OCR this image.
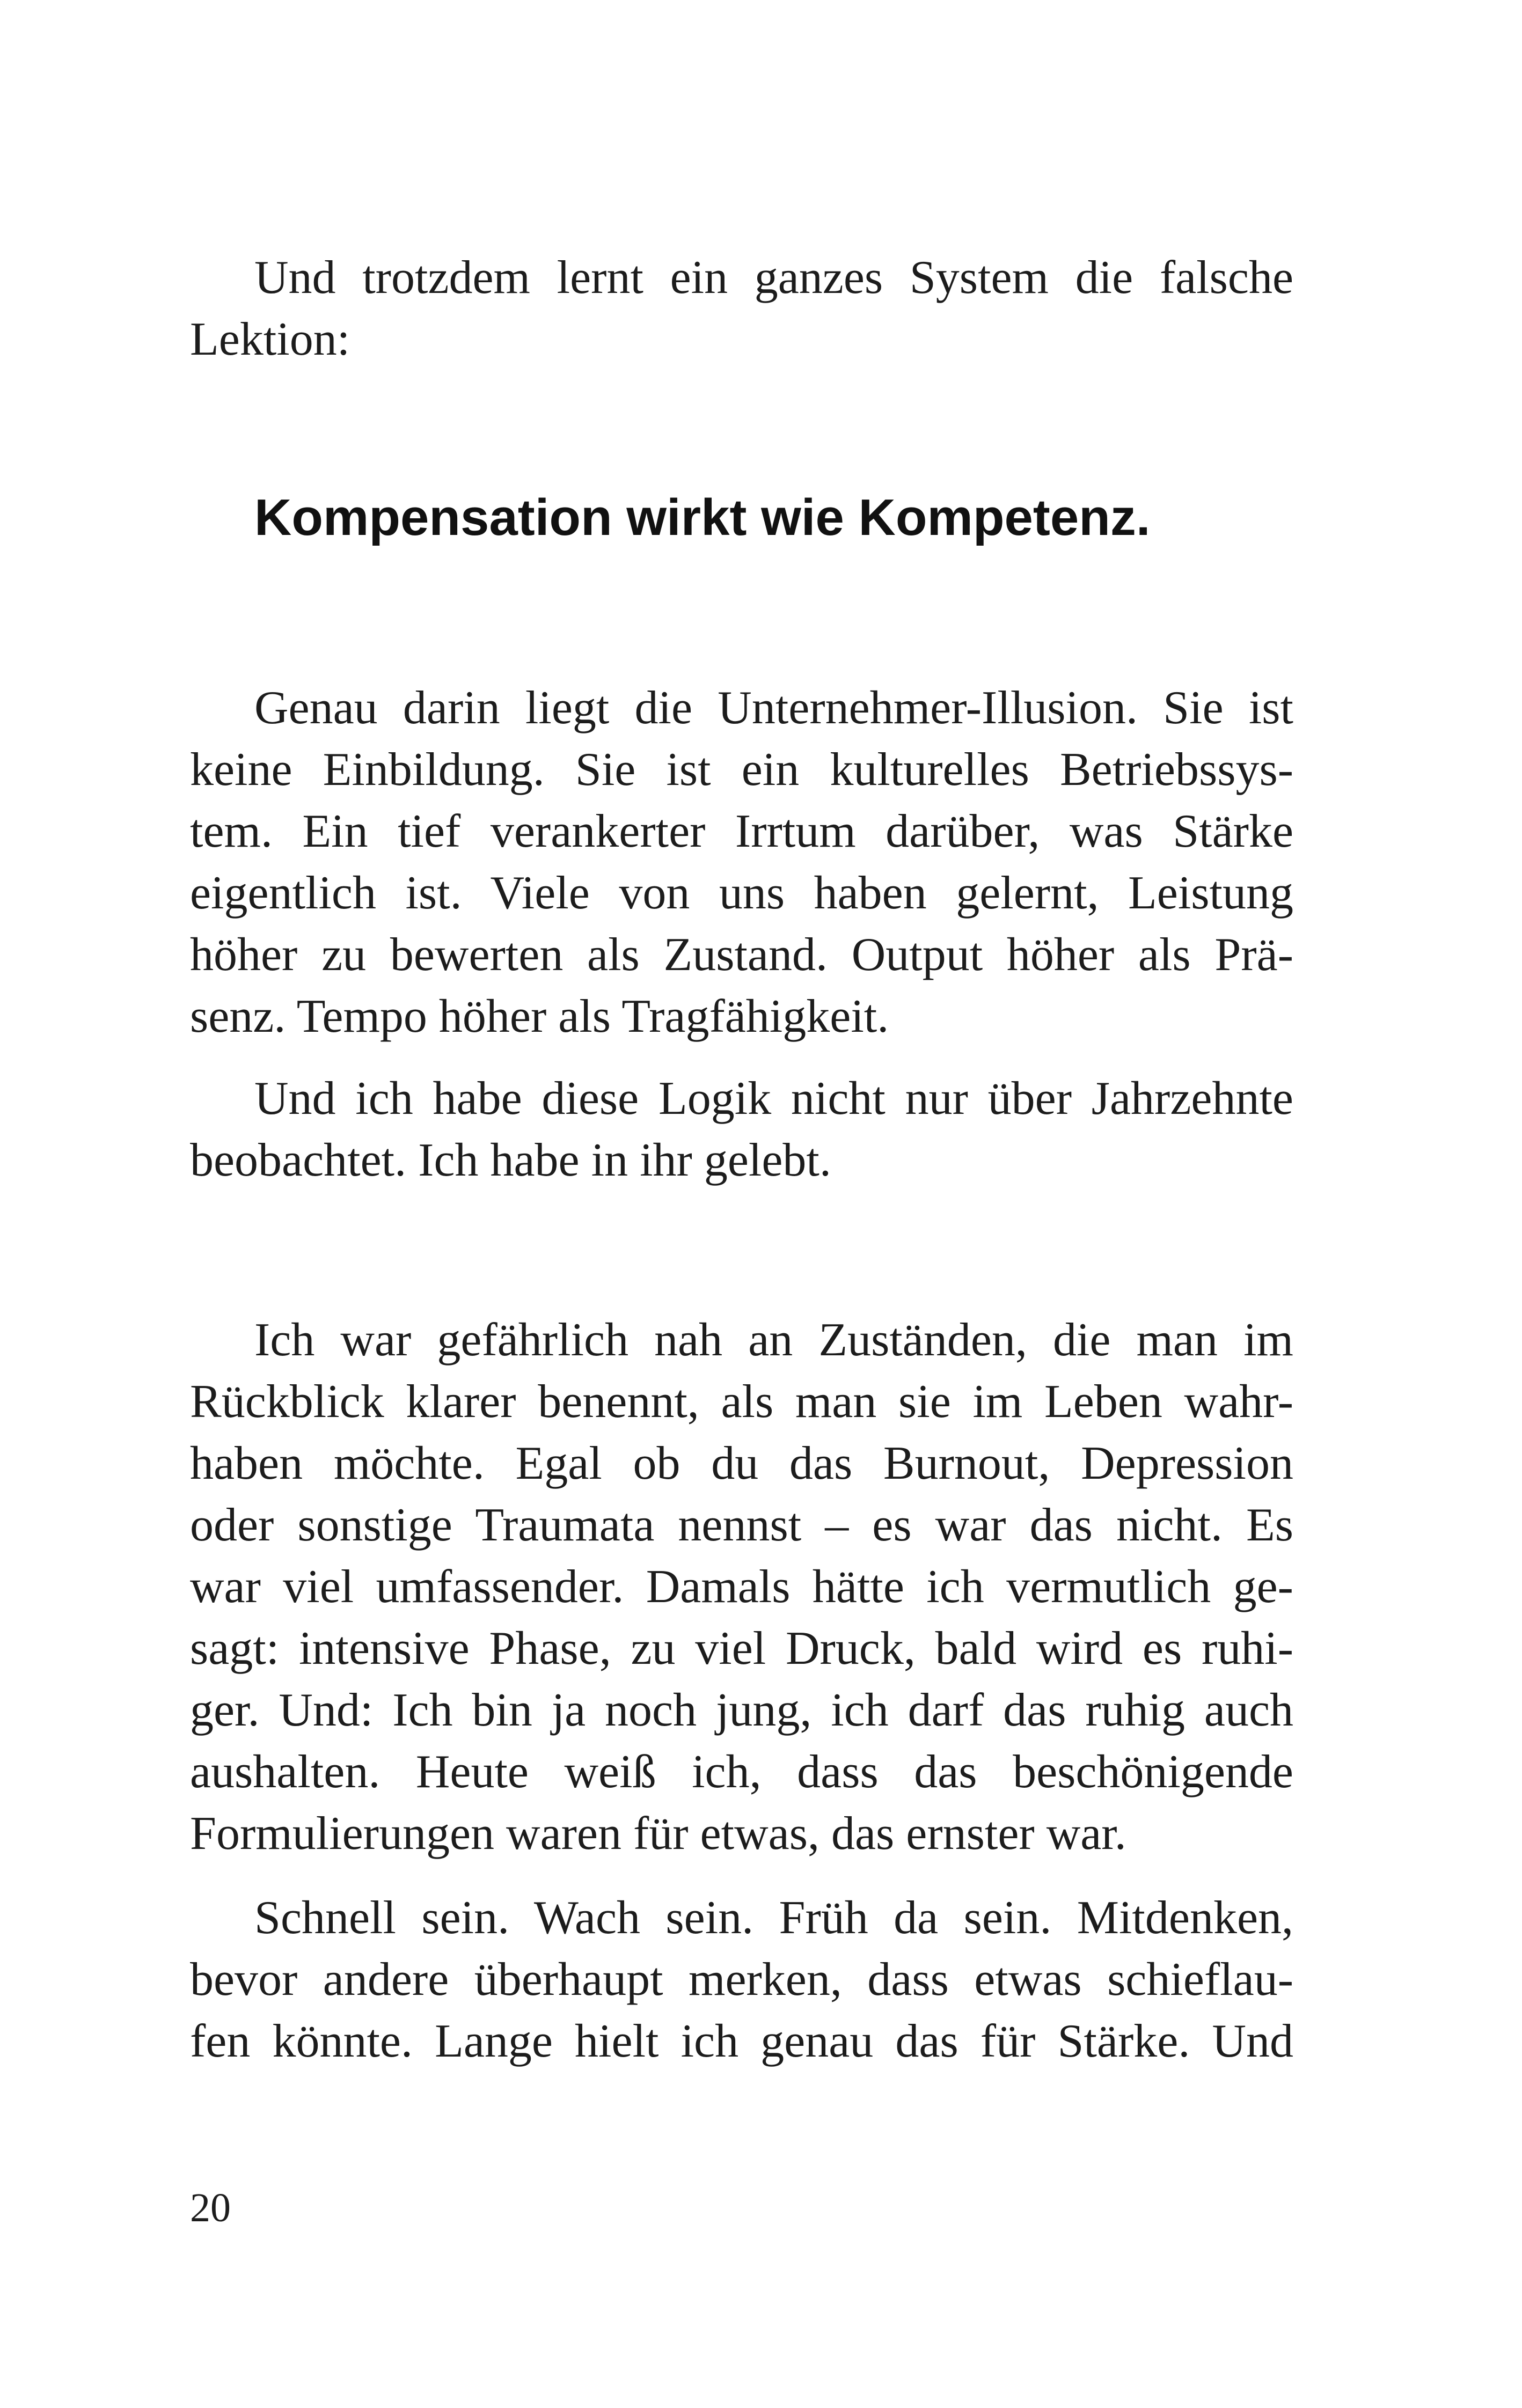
Und trotzdem lernt ein ganzes System die falsche
Lektion:
Kompensation wirkt wie Kompetenz.
Genau darin liegt die Unternehmer-Illusion. Sie ist
keine Einbildung. Sie ist ein kulturelles Betriebssys-
tem. Ein tief verankerter Irrtum darüber, was Stärke
eigentlich ist. Viele von uns haben gelernt, Leistung
höher zu bewerten als Zustand. Output höher als Prä-
senz. Tempo höher als Tragfähigkeit.
Und ich habe diese Logik nicht nur über Jahrzehnte
beobachtet. Ich habe in ihr gelebt.
Ich war gefährlich nah an Zuständen, die man im
Rückblick klarer benennt, als man sie im Leben wahr-
haben möchte. Egal ob du das Burnout, Depression
oder sonstige Traumata nennst – es war das nicht. Es
war viel umfassender. Damals hätte ich vermutlich ge-
sagt: intensive Phase, zu viel Druck, bald wird es ruhi-
ger. Und: Ich bin ja noch jung, ich darf das ruhig auch
aushalten. Heute weiß ich, dass das beschönigende
Formulierungen waren für etwas, das ernster war.
Schnell sein. Wach sein. Früh da sein. Mitdenken,
bevor andere überhaupt merken, dass etwas schieflau-
fen könnte. Lange hielt ich genau das für Stärke. Und
20
